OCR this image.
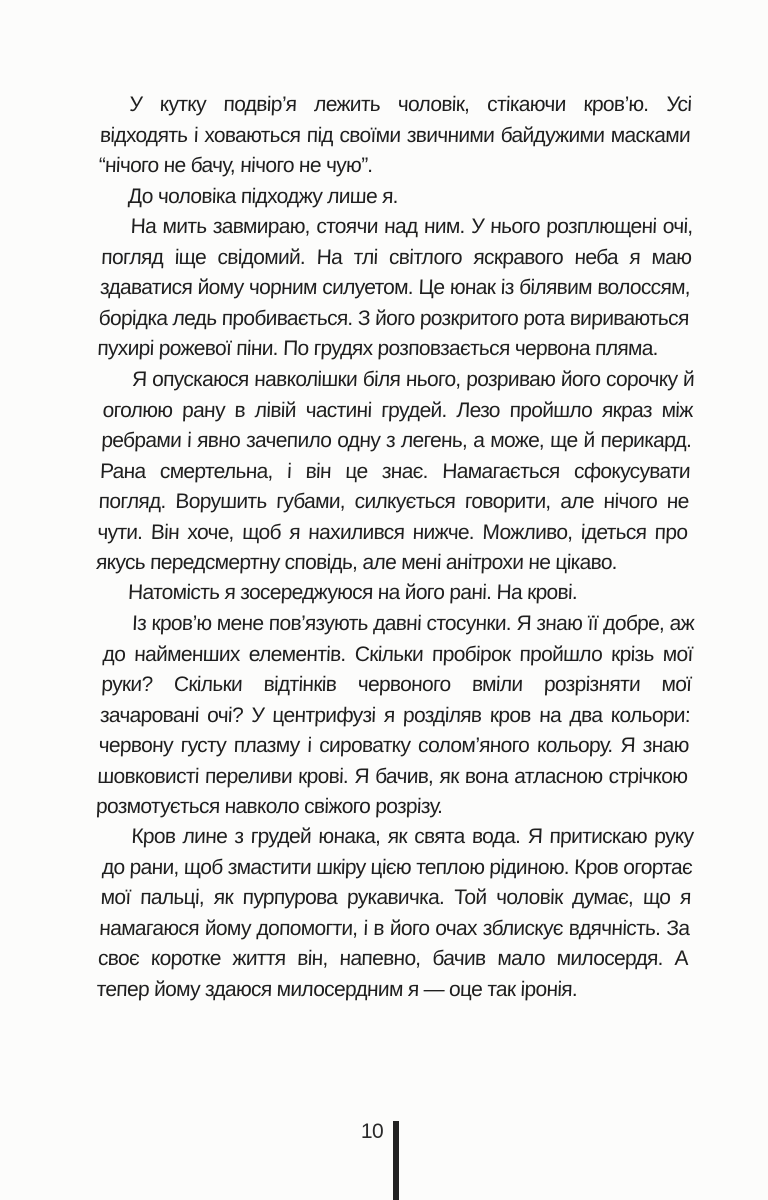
У кутку подвір’я лежить чоловік, стікаючи кров’ю. Усі відходять і ховаються під своїми звичними байдужими масками “нічого не бачу, нічого не чую”.

До чоловіка підходжу лише я.

На мить завмираю, стоячи над ним. У нього розплющені очі, погляд іще свідомий. На тлі світлого яскравого неба я маю здаватися йому чорним силуетом. Це юнак із білявим волоссям, борідка ледь пробивається. З його розкритого рота вириваються пухирі рожевої піни. По грудях розповзається червона пляма.

Я опускаюся навколішки біля нього, розриваю його сорочку й оголюю рану в лівій частині грудей. Лезо пройшло якраз між ребрами і явно зачепило одну з легень, а може, ще й перикард. Рана смертельна, і він це знає. Намагається сфокусувати погляд. Ворушить губами, силкується говорити, але нічого не чути. Він хоче, щоб я нахилився нижче. Можливо, ідеться про якусь передсмертну сповідь, але мені анітрохи не цікаво.

Натомість я зосереджуюся на його рані. На крові.

Із кров’ю мене пов’язують давні стосунки. Я знаю її добре, аж до найменших елементів. Скільки пробірок пройшло крізь мої руки? Скільки відтінків червоного вміли розрізняти мої зачаровані очі? У центрифузі я розділяв кров на два кольори: червону густу плазму і сироватку солом’яного кольору. Я знаю шовковисті переливи крові. Я бачив, як вона атласною стрічкою розмотується навколо свіжого розрізу.

Кров лине з грудей юнака, як свята вода. Я притискаю руку до рани, щоб змастити шкіру цією теплою рідиною. Кров огортає мої пальці, як пурпурова рукавичка. Той чоловік думає, що я намагаюся йому допомогти, і в його очах зблискує вдячність. За своє коротке життя він, напевно, бачив мало милосердя. А тепер йому здаюся милосердним я — оце так іронія.

10
